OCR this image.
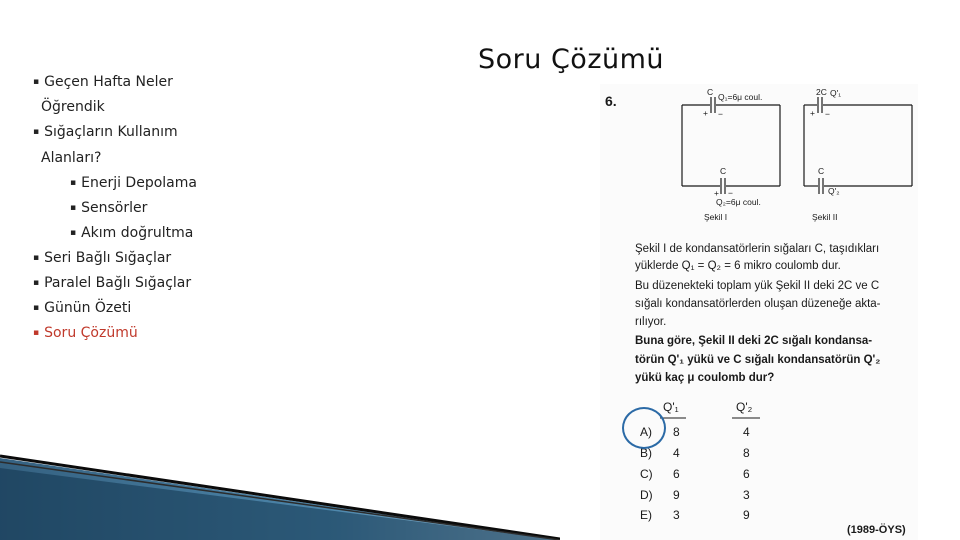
▪ Geçen Hafta Neler
Öğrendik
▪ Sığaçların Kullanım
Alanları?
▪ Enerji Depolama
▪ Sensörler
▪ Akım doğrultma
▪ Seri Bağlı Sığaçlar
▪ Paralel Bağlı Sığaçlar
▪ Günün Özeti
▪ Soru Çözümü
Soru Çözümü
6.
C Q₁=6μ coul.
+ −
C
+ −
Q₂=6μ coul.
Şekil I
2C Q'₁
+ −
C
Q'₂
Şekil II
Şekil I de kondansatörlerin sığaları C, taşıdıkları
yüklerde Q₁ = Q₂ = 6 mikro coulomb dur.
Bu düzenekteki toplam yük Şekil II deki 2C ve C
sığalı kondansatörlerden oluşan düzeneğe akta-
rılıyor.
Buna göre, Şekil II deki 2C sığalı kondansa-
törün Q'₁ yükü ve C sığalı kondansatörün Q'₂
yükü kaç μ coulomb dur?
Q'₁	Q'₂
A) 8	4
B) 4	8
C) 6	6
D) 9	3
E) 3	9
(1989-ÖYS)
